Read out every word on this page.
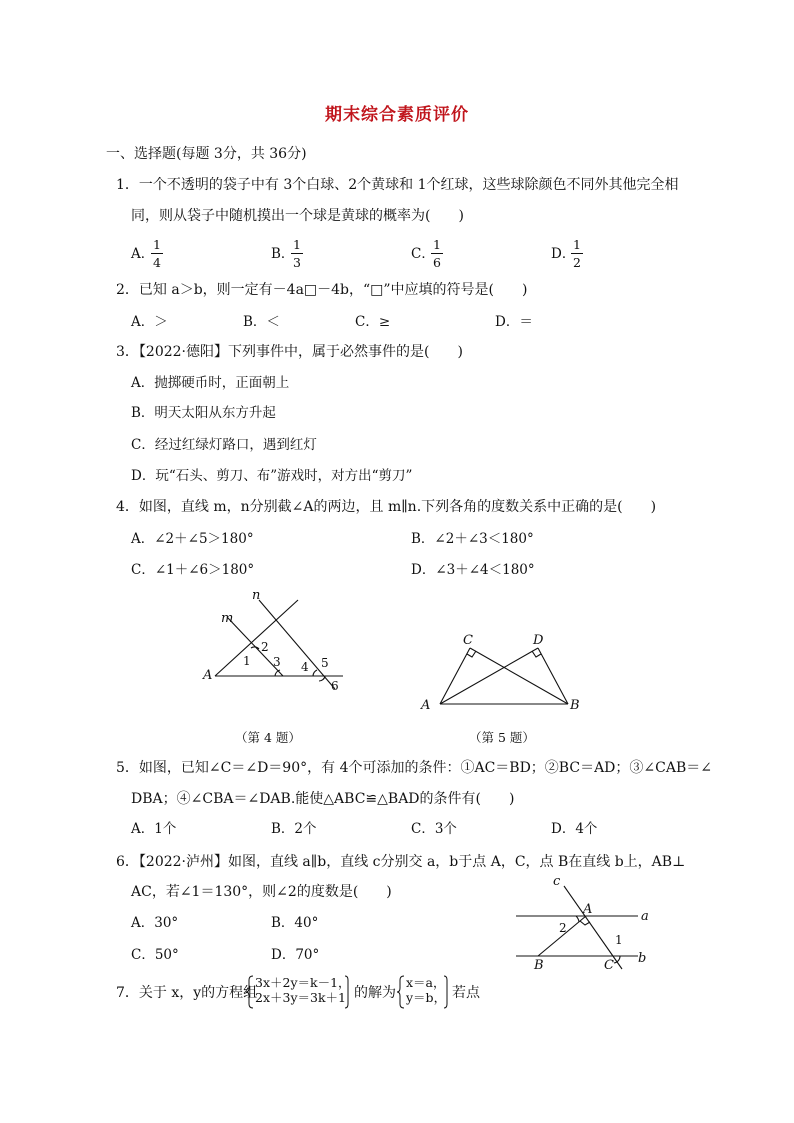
期末综合素质评价
一、选择题(每题 3分，共 36分)
1．一个不透明的袋子中有 3个白球、2个黄球和 1个红球，这些球除颜色不同外其他完全相
同，则从袋子中随机摸出一个球是黄球的概率为(　　)
A．
1
4
B．
1
3
C．
1
6
D．
1
2
2．已知 a＞b，则一定有－4a□－4b，“□”中应填的符号是(　　)
A．＞	B．＜	C．≥	D．＝
3．【2022·德阳】下列事件中，属于必然事件的是(　　)
A．抛掷硬币时，正面朝上
B．明天太阳从东方升起
C．经过红绿灯路口，遇到红灯
D．玩“石头、剪刀、布”游戏时，对方出“剪刀”
4．如图，直线 m，n分别截∠A的两边，且 m∥n.下列各角的度数关系中正确的是(　　)
A．∠2＋∠5＞180°	B．∠2＋∠3＜180°
C．∠1＋∠6＞180°	D．∠3＋∠4＜180°
m
n
A
1
2
3 4 5
6
C	D
A	B
（第 4 题）	（第 5 题）
5．如图，已知∠C＝∠D＝90°，有 4个可添加的条件：①AC＝BD；②BC＝AD；③∠CAB＝∠
DBA；④∠CBA＝∠DAB.能使△ABC≌△BAD的条件有(　　)
A．1个	B．2个	C．3个	D．4个
6．【2022·泸州】如图，直线 a∥b，直线 c分别交 a，b于点 A，C，点 B在直线 b上，AB⊥
AC，若∠1＝130°，则∠2的度数是(　　)
A．30°	B．40°
C．50°	D．70°
c
A	a
2
1
B	C b
7．关于 x，y的方程组
3x＋2y＝k－1，
2x＋3y＝3k＋1 的解为
x＝a，
y＝b， 若点
